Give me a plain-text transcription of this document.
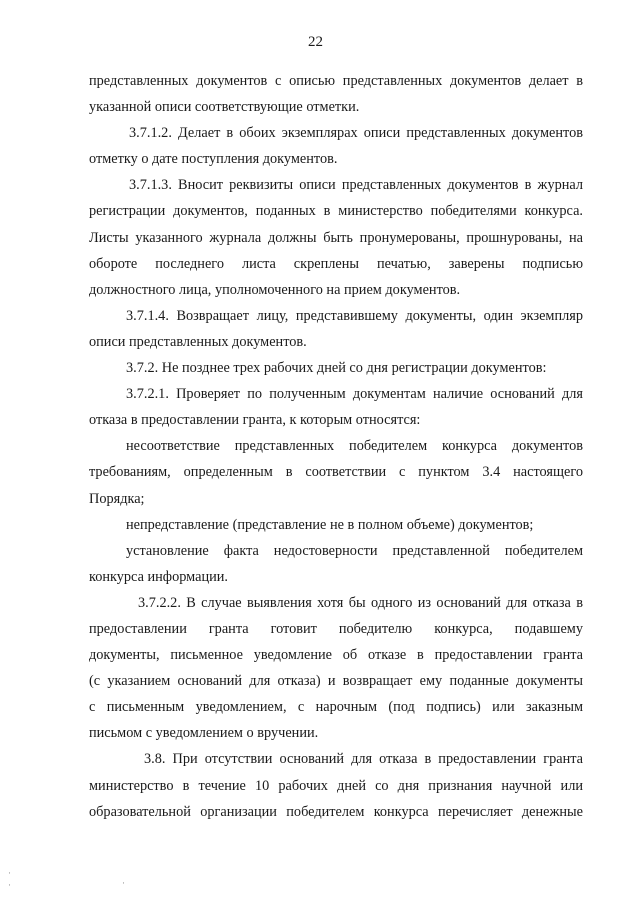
22
представленных документов с описью представленных документов делает в
указанной описи соответствующие отметки.
3.7.1.2. Делает в обоих экземплярах описи представленных документов
отметку о дате поступления документов.
3.7.1.3. Вносит реквизиты описи представленных документов в журнал
регистрации документов, поданных в министерство победителями конкурса.
Листы указанного журнала должны быть пронумерованы, прошнурованы, на
обороте последнего листа скреплены печатью, заверены подписью
должностного лица, уполномоченного на прием документов.
3.7.1.4. Возвращает лицу, представившему документы, один экземпляр
описи представленных документов.
3.7.2. Не позднее трех рабочих дней со дня регистрации документов:
3.7.2.1. Проверяет по полученным документам наличие оснований для
отказа в предоставлении гранта, к которым относятся:
несоответствие представленных победителем конкурса документов
требованиям, определенным в соответствии с пунктом 3.4 настоящего
Порядка;
непредставление (представление не в полном объеме) документов;
установление факта недостоверности представленной победителем
конкурса информации.
3.7.2.2. В случае выявления хотя бы одного из оснований для отказа в
предоставлении гранта готовит победителю конкурса, подавшему
документы, письменное уведомление об отказе в предоставлении гранта
(с указанием оснований для отказа) и возвращает ему поданные документы
с письменным уведомлением, с нарочным (под подпись) или заказным
письмом с уведомлением о вручении.
3.8. При отсутствии оснований для отказа в предоставлении гранта
министерство в течение 10 рабочих дней со дня признания научной или
образовательной организации победителем конкурса перечисляет денежные
·
·	·
